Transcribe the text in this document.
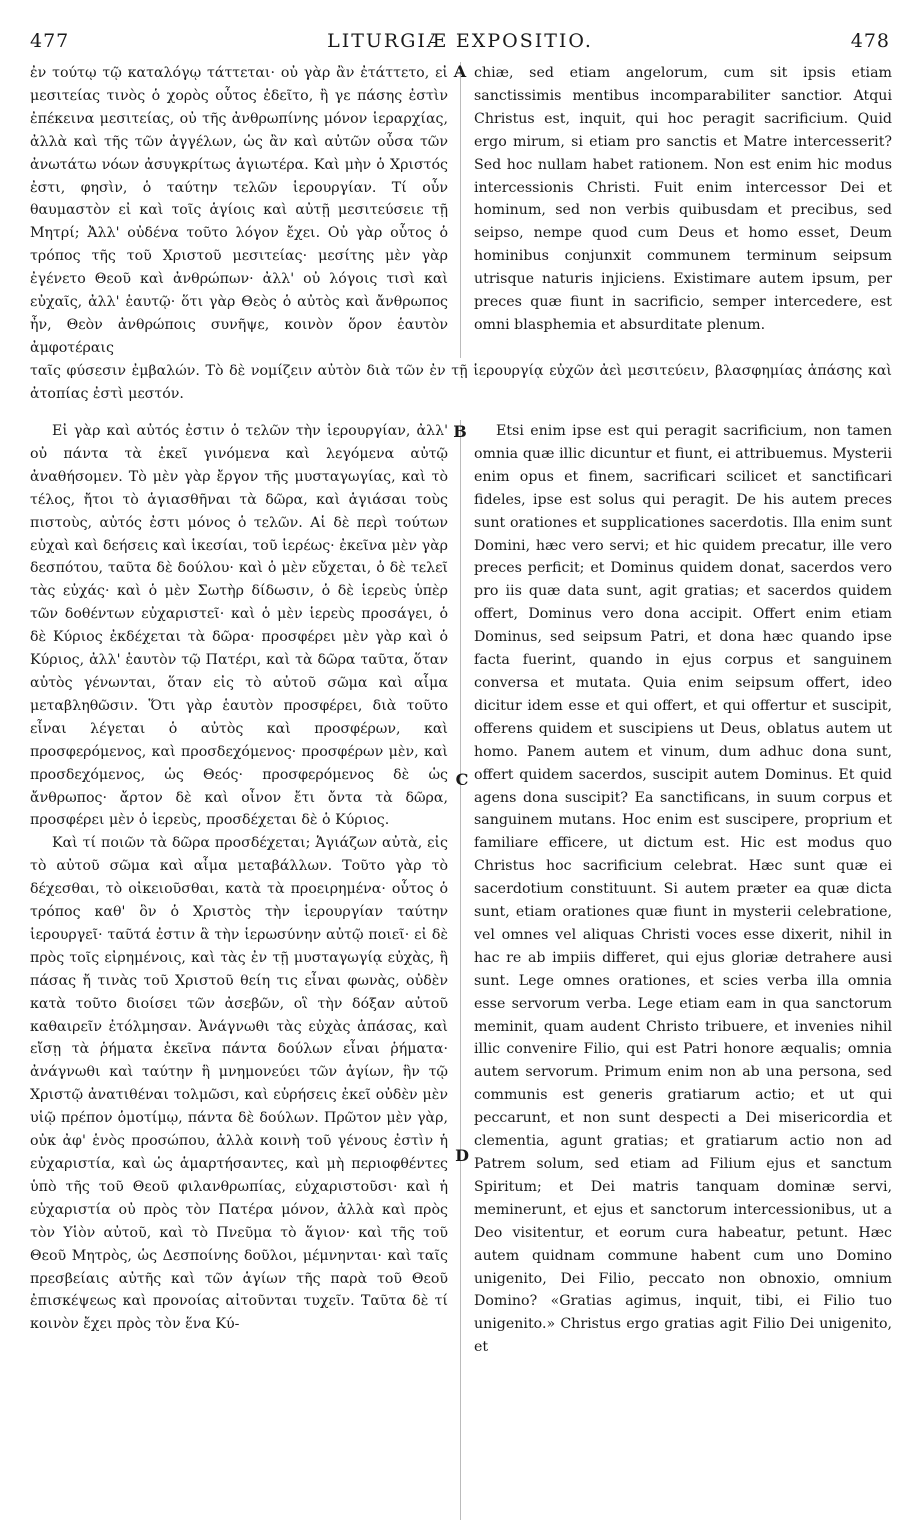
477	LITURGIÆ EXPOSITIO.	478
A
B
C
D

ἐν τούτῳ τῷ καταλόγῳ τάττεται· οὐ γὰρ ἂν ἐτάττετο, εἰ μεσιτείας τινὸς ὁ χορὸς οὗτος ἐδεῖτο, ἢ γε πάσης ἐστὶν ἐπέκεινα μεσιτείας, οὐ τῆς ἀνθρωπίνης μόνον ἱεραρχίας, ἀλλὰ καὶ τῆς τῶν ἀγγέλων, ὡς ἂν καὶ αὐτῶν οὖσα τῶν ἀνωτάτω νόων ἀσυγκρίτως ἁγιωτέρα. Καὶ μὴν ὁ Χριστός ἐστι, φησὶν, ὁ ταύτην τελῶν ἱερουργίαν. Τί οὖν θαυμαστὸν εἰ καὶ τοῖς ἁγίοις καὶ αὐτῇ μεσιτεύσειε τῇ Μητρί; Ἀλλ' οὐδένα τοῦτο λόγον ἔχει. Οὐ γὰρ οὗτος ὁ τρόπος τῆς τοῦ Χριστοῦ μεσιτείας· μεσίτης μὲν γὰρ ἐγένετο Θεοῦ καὶ ἀνθρώπων· ἀλλ' οὐ λόγοις τισὶ καὶ εὐχαῖς, ἀλλ' ἑαυτῷ· ὅτι γὰρ Θεὸς ὁ αὐτὸς καὶ ἄνθρωπος ἦν, Θεὸν ἀνθρώποις συνῆψε, κοινὸν ὅρον ἑαυτὸν ἀμφοτέραις

chiæ, sed etiam angelorum, cum sit ipsis etiam sanctissimis mentibus incomparabiliter sanctior. Atqui Christus est, inquit, qui hoc peragit sacrificium. Quid ergo mirum, si etiam pro sanctis et Matre intercesserit? Sed hoc nullam habet rationem. Non est enim hic modus intercessionis Christi. Fuit enim intercessor Dei et hominum, sed non verbis quibusdam et precibus, sed seipso, nempe quod cum Deus et homo esset, Deum hominibus conjunxit communem terminum seipsum utrisque naturis injiciens. Existimare autem ipsum, per preces quæ fiunt in sacrificio, semper intercedere, est omni blasphemia et absurditate plenum.

ταῖς φύσεσιν ἐμβαλών. Τὸ δὲ νομίζειν αὐτὸν διὰ τῶν ἐν τῇ ἱερουργίᾳ εὐχῶν ἀεὶ μεσιτεύειν, βλασφημίας ἁπάσης καὶ ἀτοπίας ἐστὶ μεστόν.

Εἰ γὰρ καὶ αὐτός ἐστιν ὁ τελῶν τὴν ἱερουργίαν, ἀλλ' οὐ πάντα τὰ ἐκεῖ γινόμενα καὶ λεγόμενα αὐτῷ ἀναθήσομεν. Τὸ μὲν γὰρ ἔργον τῆς μυσταγωγίας, καὶ τὸ τέλος, ἤτοι τὸ ἁγιασθῆναι τὰ δῶρα, καὶ ἁγιάσαι τοὺς πιστοὺς, αὐτός ἐστι μόνος ὁ τελῶν. Αἱ δὲ περὶ τούτων εὐχαὶ καὶ δεήσεις καὶ ἱκεσίαι, τοῦ ἱερέως· ἐκεῖνα μὲν γὰρ δεσπότου, ταῦτα δὲ δούλου· καὶ ὁ μὲν εὔχεται, ὁ δὲ τελεῖ τὰς εὐχάς· καὶ ὁ μὲν Σωτὴρ δίδωσιν, ὁ δὲ ἱερεὺς ὑπὲρ τῶν δοθέντων εὐχαριστεῖ· καὶ ὁ μὲν ἱερεὺς προσάγει, ὁ δὲ Κύριος ἐκδέχεται τὰ δῶρα· προσφέρει μὲν γὰρ καὶ ὁ Κύριος, ἀλλ' ἑαυτὸν τῷ Πατέρι, καὶ τὰ δῶρα ταῦτα, ὅταν αὐτὸς γένωνται, ὅταν εἰς τὸ αὐτοῦ σῶμα καὶ αἷμα μεταβληθῶσιν. Ὅτι γὰρ ἑαυτὸν προσφέρει, διὰ τοῦτο εἶναι λέγεται ὁ αὐτὸς καὶ προσφέρων, καὶ προσφερόμενος, καὶ προσδεχόμενος· προσφέρων μὲν, καὶ προσδεχόμενος, ὡς Θεός· προσφερόμενος δὲ ὡς ἄνθρωπος· ἄρτον δὲ καὶ οἶνον ἔτι ὄντα τὰ δῶρα, προσφέρει μὲν ὁ ἱερεὺς, προσδέχεται δὲ ὁ Κύριος.

Καὶ τί ποιῶν τὰ δῶρα προσδέχεται; Ἁγιάζων αὐτὰ, εἰς τὸ αὐτοῦ σῶμα καὶ αἷμα μεταβάλλων. Τοῦτο γὰρ τὸ δέχεσθαι, τὸ οἰκειοῦσθαι, κατὰ τὰ προειρημένα· οὗτος ὁ τρόπος καθ' ὃν ὁ Χριστὸς τὴν ἱερουργίαν ταύτην ἱερουργεῖ· ταῦτά ἐστιν ἃ τὴν ἱερωσύνην αὐτῷ ποιεῖ· εἰ δὲ πρὸς τοῖς εἰρημένοις, καὶ τὰς ἐν τῇ μυσταγωγίᾳ εὐχὰς, ἢ πάσας ἤ τινὰς τοῦ Χριστοῦ θείη τις εἶναι φωνὰς, οὐδὲν κατὰ τοῦτο διοίσει τῶν ἀσεβῶν, οἳ τὴν δόξαν αὐτοῦ καθαιρεῖν ἐτόλμησαν. Ἀνάγνωθι τὰς εὐχὰς ἁπάσας, καὶ εἴσῃ τὰ ῥήματα ἐκεῖνα πάντα δούλων εἶναι ῥήματα· ἀνάγνωθι καὶ ταύτην ἣ μνημονεύει τῶν ἁγίων, ἣν τῷ Χριστῷ ἀνατιθέναι τολμῶσι, καὶ εὑρήσεις ἐκεῖ οὐδὲν μὲν υἱῷ πρέπον ὁμοτίμῳ, πάντα δὲ δούλων. Πρῶτον μὲν γὰρ, οὐκ ἀφ' ἑνὸς προσώπου, ἀλλὰ κοινὴ τοῦ γένους ἐστὶν ἡ εὐχαριστία, καὶ ὡς ἁμαρτήσαντες, καὶ μὴ περιοφθέντες ὑπὸ τῆς τοῦ Θεοῦ φιλανθρωπίας, εὐχαριστοῦσι· καὶ ἡ εὐχαριστία οὐ πρὸς τὸν Πατέρα μόνον, ἀλλὰ καὶ πρὸς τὸν Υἱὸν αὐτοῦ, καὶ τὸ Πνεῦμα τὸ ἅγιον· καὶ τῆς τοῦ Θεοῦ Μητρὸς, ὡς Δεσποίνης δοῦλοι, μέμνηνται· καὶ ταῖς πρεσβείαις αὐτῆς καὶ τῶν ἁγίων τῆς παρὰ τοῦ Θεοῦ ἐπισκέψεως καὶ προνοίας αἰτοῦνται τυχεῖν. Ταῦτα δὲ τί κοινὸν ἔχει πρὸς τὸν ἕνα Κύ-

Etsi enim ipse est qui peragit sacrificium, non tamen omnia quæ illic dicuntur et fiunt, ei attribuemus. Mysterii enim opus et finem, sacrificari scilicet et sanctificari fideles, ipse est solus qui peragit. De his autem preces sunt orationes et supplicationes sacerdotis. Illa enim sunt Domini, hæc vero servi; et hic quidem precatur, ille vero preces perficit; et Dominus quidem donat, sacerdos vero pro iis quæ data sunt, agit gratias; et sacerdos quidem offert, Dominus vero dona accipit. Offert enim etiam Dominus, sed seipsum Patri, et dona hæc quando ipse facta fuerint, quando in ejus corpus et sanguinem conversa et mutata. Quia enim seipsum offert, ideo dicitur idem esse et qui offert, et qui offertur et suscipit, offerens quidem et suscipiens ut Deus, oblatus autem ut homo. Panem autem et vinum, dum adhuc dona sunt, offert quidem sacerdos, suscipit autem Dominus. Et quid agens dona suscipit? Ea sanctificans, in suum corpus et sanguinem mutans. Hoc enim est suscipere, proprium et familiare efficere, ut dictum est. Hic est modus quo Christus hoc sacrificium celebrat. Hæc sunt quæ ei sacerdotium constituunt. Si autem præter ea quæ dicta sunt, etiam orationes quæ fiunt in mysterii celebratione, vel omnes vel aliquas Christi voces esse dixerit, nihil in hac re ab impiis differet, qui ejus gloriæ detrahere ausi sunt. Lege omnes orationes, et scies verba illa omnia esse servorum verba. Lege etiam eam in qua sanctorum meminit, quam audent Christo tribuere, et invenies nihil illic convenire Filio, qui est Patri honore æqualis; omnia autem servorum. Primum enim non ab una persona, sed communis est generis gratiarum actio; et ut qui peccarunt, et non sunt despecti a Dei misericordia et clementia, agunt gratias; et gratiarum actio non ad Patrem solum, sed etiam ad Filium ejus et sanctum Spiritum; et Dei matris tanquam dominæ servi, meminerunt, et ejus et sanctorum intercessionibus, ut a Deo visitentur, et eorum cura habeatur, petunt. Hæc autem quidnam commune habent cum uno Domino unigenito, Dei Filio, peccato non obnoxio, omnium Domino? «Gratias agimus, inquit, tibi, ei Filio tuo unigenito.» Christus ergo gratias agit Filio Dei unigenito, et
